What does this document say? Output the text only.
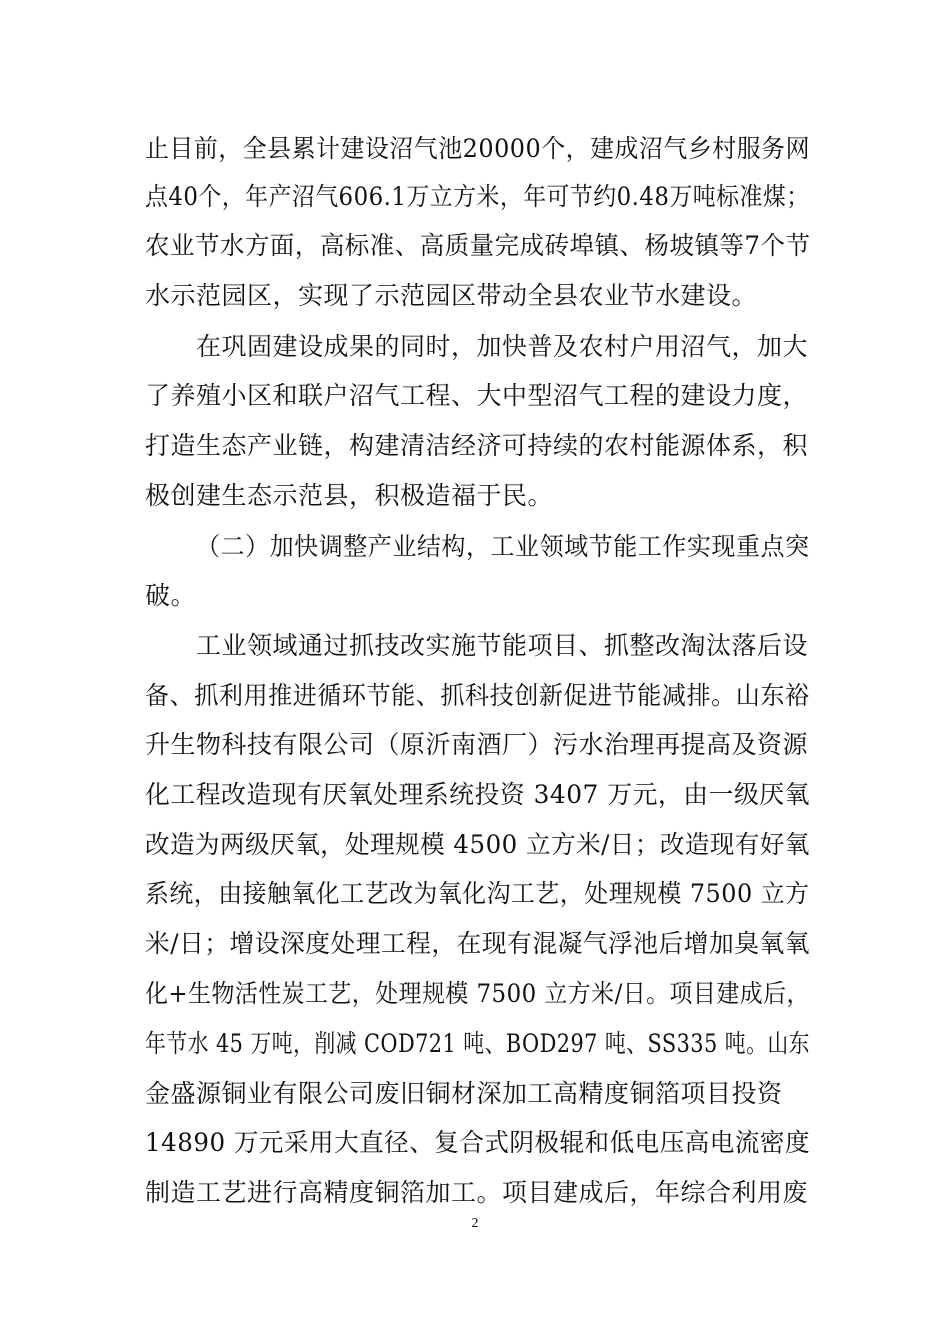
止目前，全县累计建设沼气池20000个，建成沼气乡村服务网
点40个，年产沼气606.1万立方米，年可节约0.48万吨标准煤；
农业节水方面，高标准、高质量完成砖埠镇、杨坡镇等7个节
水示范园区，实现了示范园区带动全县农业节水建设。
在巩固建设成果的同时，加快普及农村户用沼气，加大
了养殖小区和联户沼气工程、大中型沼气工程的建设力度，
打造生态产业链，构建清洁经济可持续的农村能源体系，积
极创建生态示范县，积极造福于民。
（二）加快调整产业结构，工业领域节能工作实现重点突
破。
工业领域通过抓技改实施节能项目、抓整改淘汰落后设
备、抓利用推进循环节能、抓科技创新促进节能减排。山东裕
升生物科技有限公司（原沂南酒厂）污水治理再提高及资源
化工程改造现有厌氧处理系统投资 3407 万元，由一级厌氧
改造为两级厌氧，处理规模 4500 立方米/日；改造现有好氧
系统，由接触氧化工艺改为氧化沟工艺，处理规模 7500 立方
米/日；增设深度处理工程，在现有混凝气浮池后增加臭氧氧
化+生物活性炭工艺，处理规模 7500 立方米/日。项目建成后，
年节水 45 万吨，削减 COD721 吨、BOD297 吨、SS335 吨。山东
金盛源铜业有限公司废旧铜材深加工高精度铜箔项目投资
14890 万元采用大直径、复合式阴极辊和低电压高电流密度
制造工艺进行高精度铜箔加工。项目建成后，年综合利用废
2
